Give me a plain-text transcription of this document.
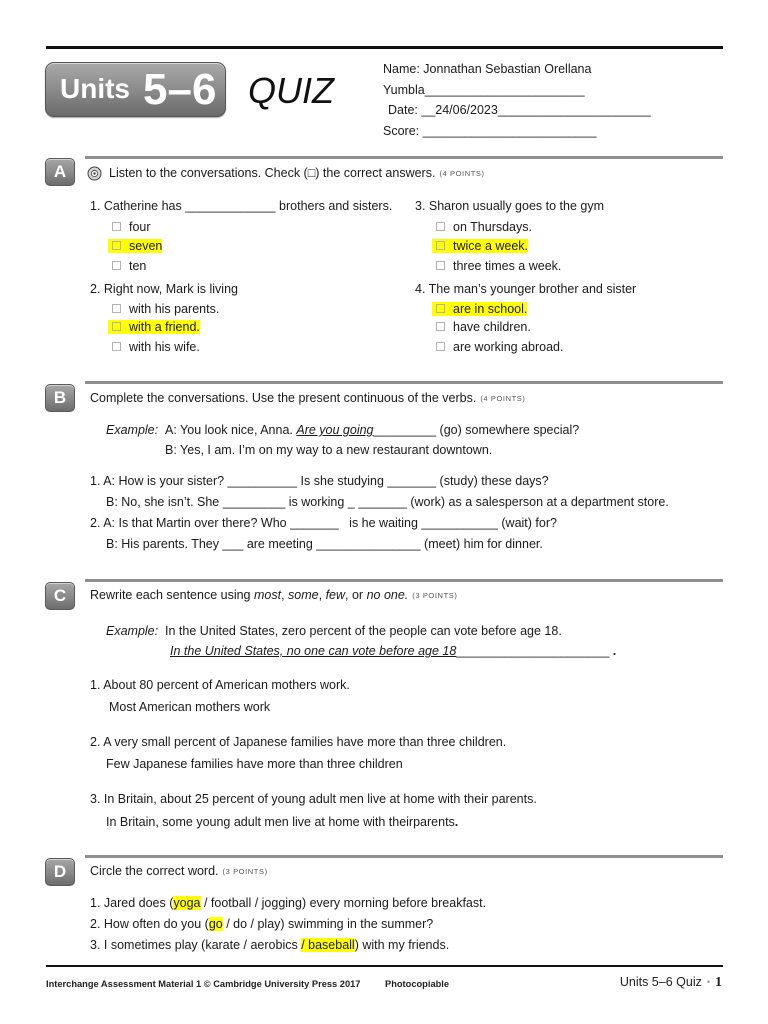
Units 5–6 QUIZ
Name: Jonnathan Sebastian Orellana
Yumbla_______________________
Date: __24/06/2023______________________
Score: _________________________
A	Listen to the conversations. Check (□) the correct answers. (4 POINTS)
1. Catherine has _____________ brothers and sisters.
four
seven
ten
2. Right now, Mark is living
with his parents.
with a friend.
with his wife.
3. Sharon usually goes to the gym
on Thursdays.
twice a week.
three times a week.
4. The man’s younger brother and sister
are in school.
have children.
are working abroad.
B	Complete the conversations. Use the present continuous of the verbs. (4 POINTS)
Example: A: You look nice, Anna. Are you going_________ (go) somewhere special?
B: Yes, I am. I’m on my way to a new restaurant downtown.
1. A: How is your sister? __________ Is she studying _______ (study) these days?
B: No, she isn’t. She _________ is working _ _______ (work) as a salesperson at a department store.
2. A: Is that Martin over there? Who _______   is he waiting ___________ (wait) for?
B: His parents. They ___ are meeting _______________ (meet) him for dinner.
C	Rewrite each sentence using most, some, few, or no one. (3 POINTS)
Example: In the United States, zero percent of the people can vote before age 18.
In the United States, no one can vote before age 18______________________ .
1. About 80 percent of American mothers work.
Most American mothers work
2. A very small percent of Japanese families have more than three children.
Few Japanese families have more than three children
3. In Britain, about 25 percent of young adult men live at home with their parents.
In Britain, some young adult men live at home with theirparents.
D	Circle the correct word. (3 POINTS)
1. Jared does (yoga / football / jogging) every morning before breakfast.
2. How often do you (go / do / play) swimming in the summer?
3. I sometimes play (karate / aerobics / baseball) with my friends.
Interchange Assessment Material 1 © Cambridge University Press 2017	Photocopiable	Units 5–6 Quiz • 1
